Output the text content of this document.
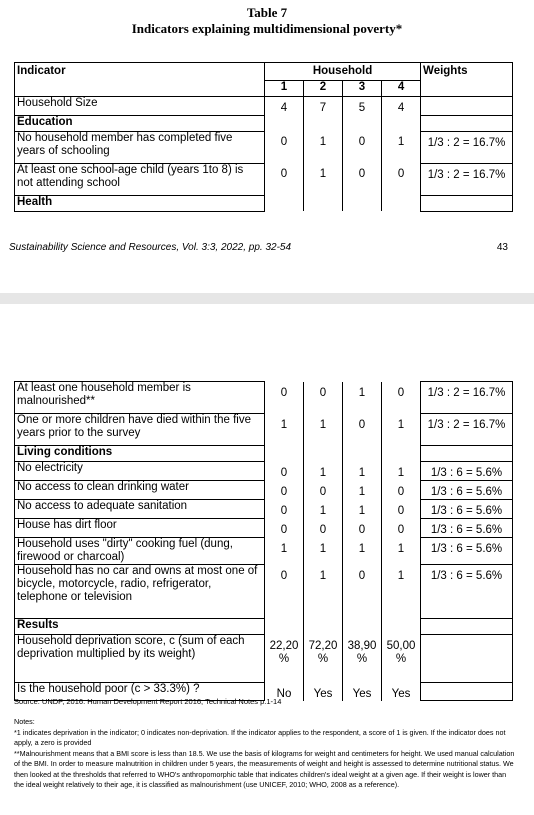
Table 7
Indicators explaining multidimensional poverty*
Indicator	Household				Weights
	1	2	3	4	
Household Size	4	7	5	4	
Education					
No household member has completed five years of schooling	0	1	0	1	1/3 : 2 = 16.7%
At least one school-age child (years 1to 8) is not attending school	0	1	0	0	1/3 : 2 = 16.7%
Health					
Sustainability Science and Resources, Vol. 3:3, 2022, pp. 32-54	43
At least one household member is malnourished**	0	0	1	0	1/3 : 2 = 16.7%
One or more children have died within the five years prior to the survey	1	1	0	1	1/3 : 2 = 16.7%
Living conditions					
No electricity	0	1	1	1	1/3 : 6 = 5.6%
No access to clean drinking water	0	0	1	0	1/3 : 6 = 5.6%
No access to adequate sanitation	0	1	1	0	1/3 : 6 = 5.6%
House has dirt floor	0	0	0	0	1/3 : 6 = 5.6%
Household uses "dirty" cooking fuel (dung, firewood or charcoal)	1	1	1	1	1/3 : 6 = 5.6%
Household has no car and owns at most one of bicycle, motorcycle, radio, refrigerator, telephone or television	0	1	0	1	1/3 : 6 = 5.6%
Results					
Household deprivation score, c (sum of each deprivation multiplied by its weight)	22,20 %	72,20 %	38,90 %	50,00 %	
Is the household poor (c > 33.3%) ?	No	Yes	Yes	Yes	
Source: UNDP, 2016. Human Development Report 2016, Technical Notes p.1-14

Notes:

*1 indicates deprivation in the indicator; 0 indicates non-deprivation. If the indicator applies to the respondent, a score of 1 is given. If the indicator does not apply, a zero is provided

**Malnourishment means that a BMI score is less than 18.5. We use the basis of kilograms for weight and centimeters for height. We used manual calculation of the BMI. In order to measure malnutrition in children under 5 years, the measurements of weight and height is assessed to determine nutritional status. We then looked at the thresholds that referred to WHO's anthropomorphic table that indicates children's ideal weight at a given age. If their weight is lower than the ideal weight relatively to their age, it is classified as malnourishment (use UNICEF, 2010; WHO, 2008 as a reference).
